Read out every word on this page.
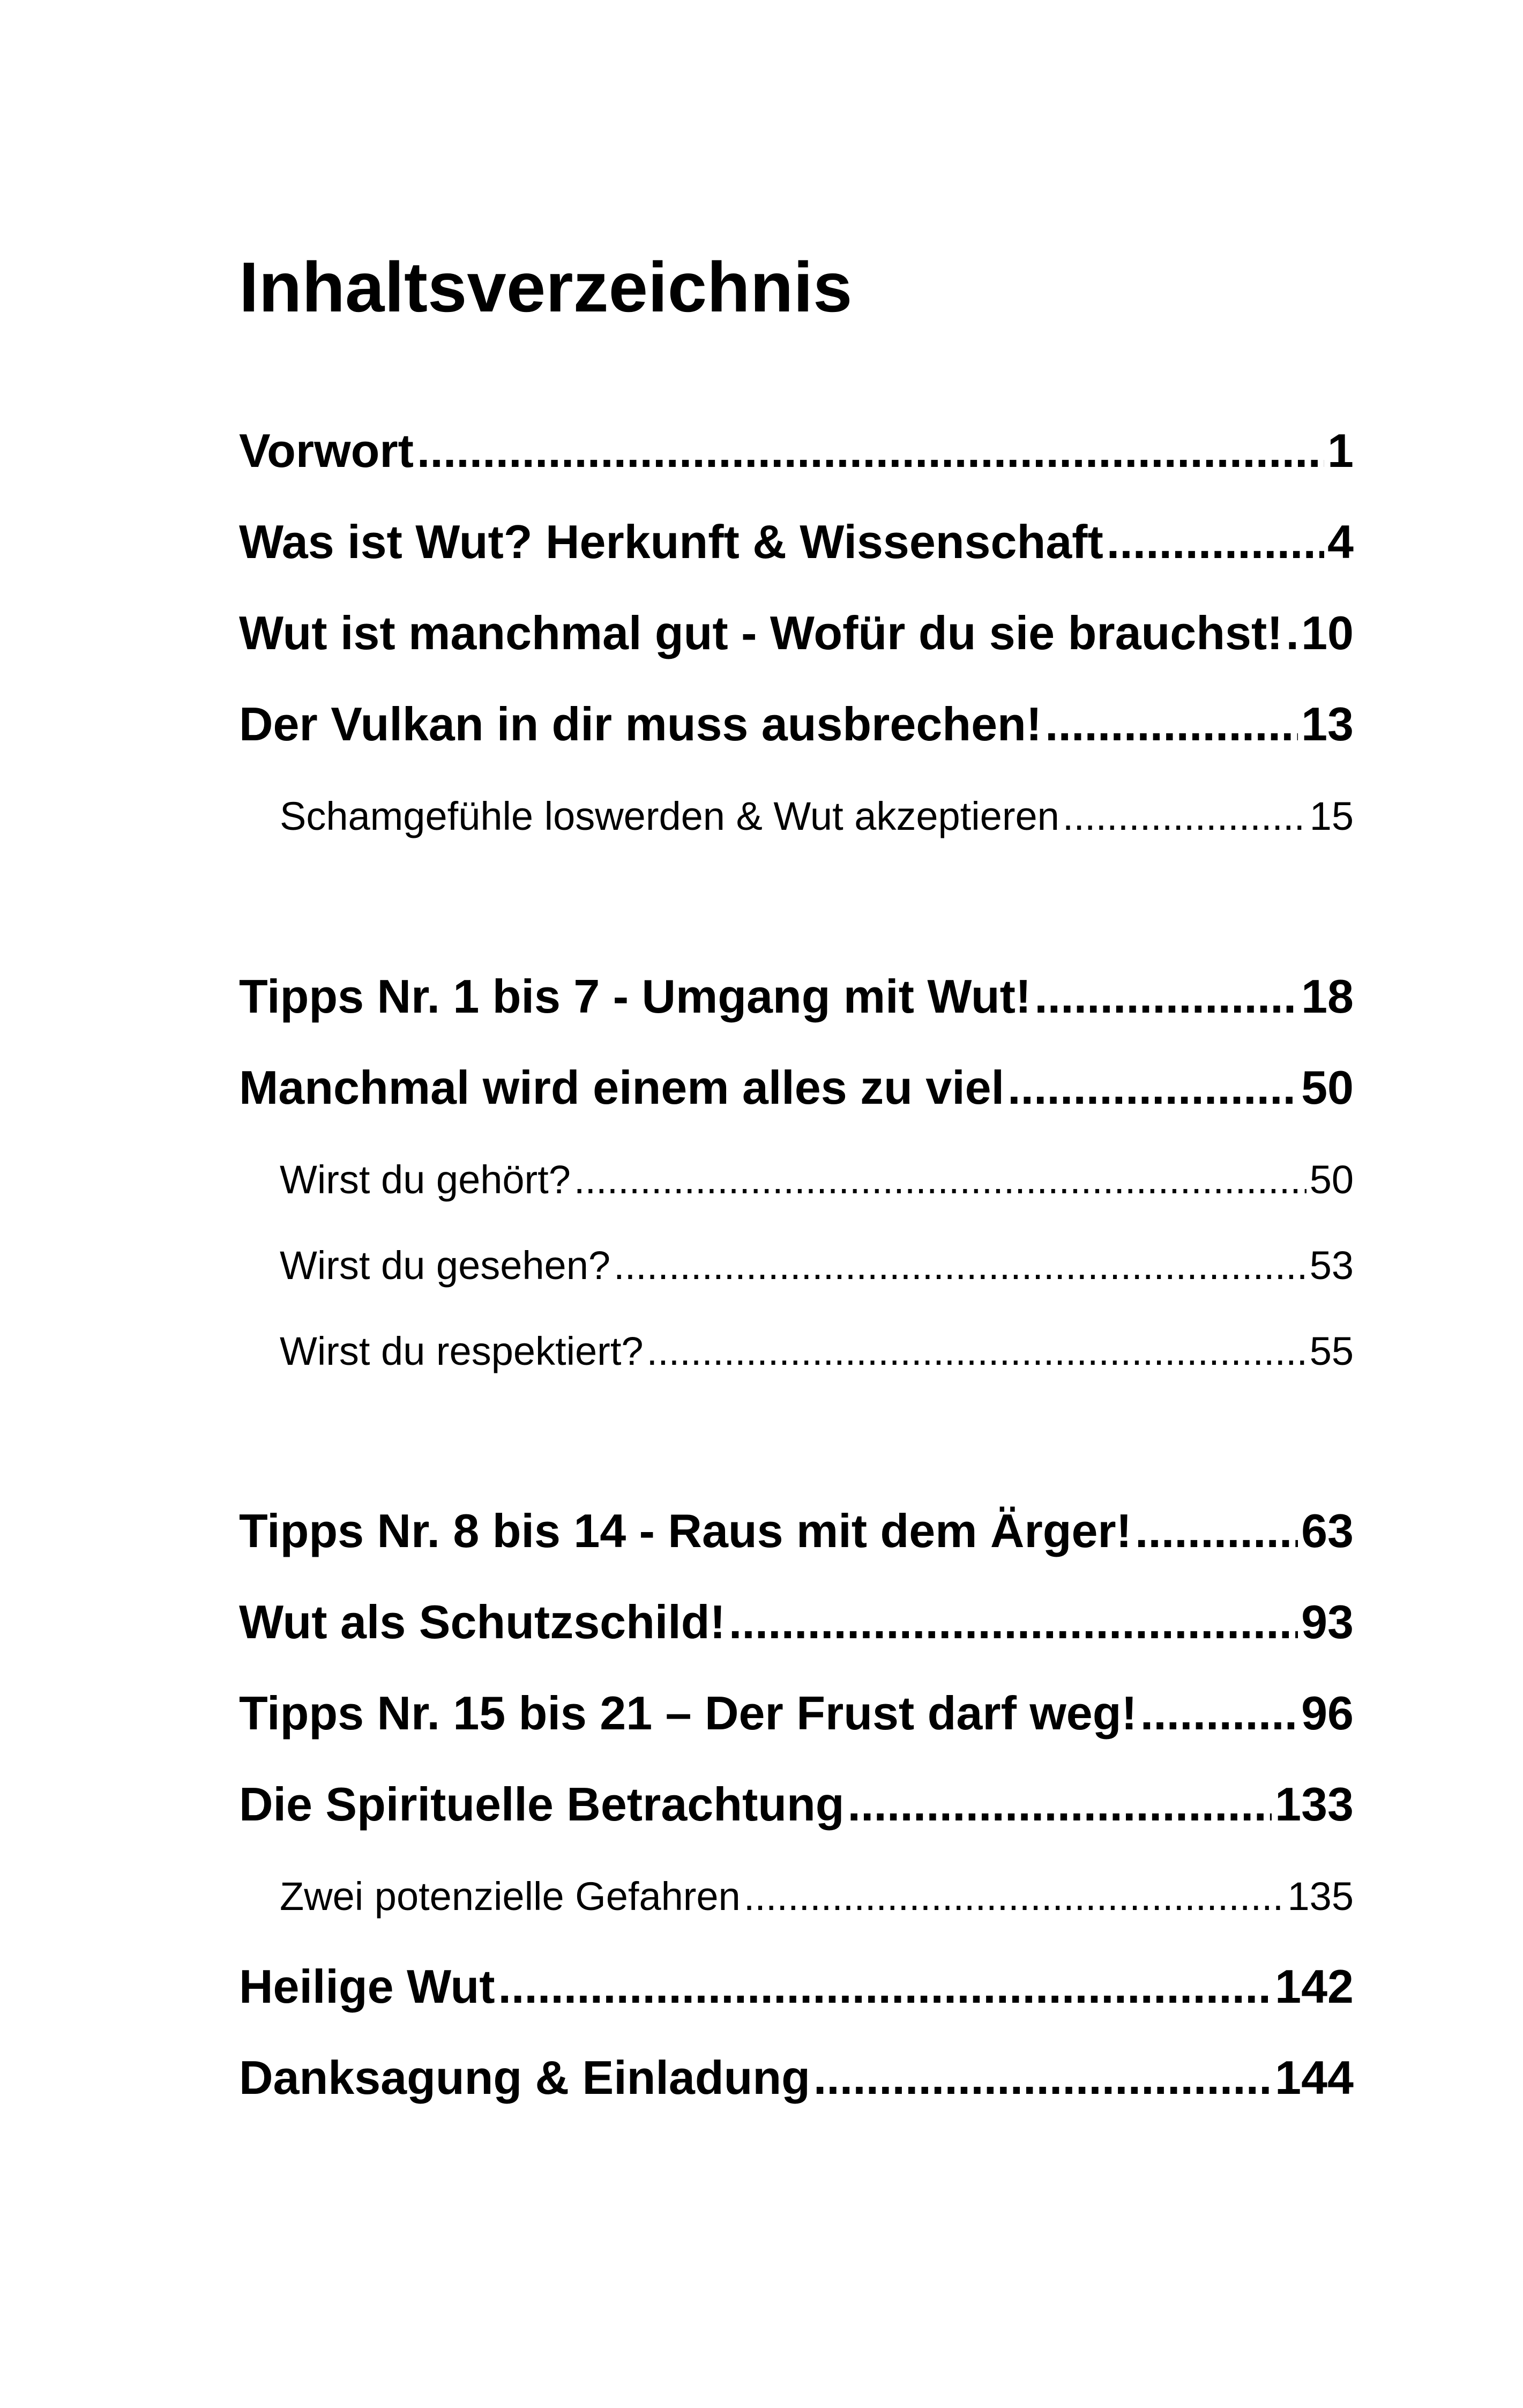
Inhaltsverzeichnis
Vorwort .....	1
Was ist Wut? Herkunft & Wissenschaft .....	4
Wut ist manchmal gut - Wofür du sie brauchst! ..... 10
Der Vulkan in dir muss ausbrechen! .....	13
Schamgefühle loswerden & Wut akzeptieren .....	15
Tipps Nr. 1 bis 7 - Umgang mit Wut! .....	18
Manchmal wird einem alles zu viel .....	50
Wirst du gehört? .....	50
Wirst du gesehen? .....	53
Wirst du respektiert? .....	55
Tipps Nr. 8 bis 14 - Raus mit dem Ärger! .....	63
Wut als Schutzschild! .....	93
Tipps Nr. 15 bis 21 – Der Frust darf weg! .....	96
Die Spirituelle Betrachtung .....	133
Zwei potenzielle Gefahren .....	135
Heilige Wut .....	142
Danksagung & Einladung .....	144
